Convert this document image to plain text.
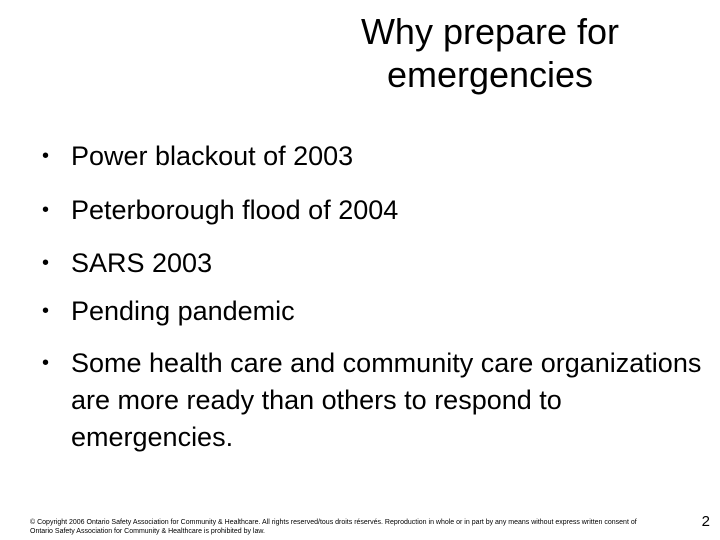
Why prepare for
emergencies
•
Power blackout of 2003
•
Peterborough flood of 2004
•
SARS 2003
•
Pending pandemic
•
Some health care and community care organizations are more ready than others to respond to emergencies.
© Copyright 2006 Ontario Safety Association for Community & Healthcare. All rights reserved/tous droits réservés. Reproduction in whole or in part by any means without express written consent of Ontario Safety Association for Community & Healthcare is prohibited by law.
2
